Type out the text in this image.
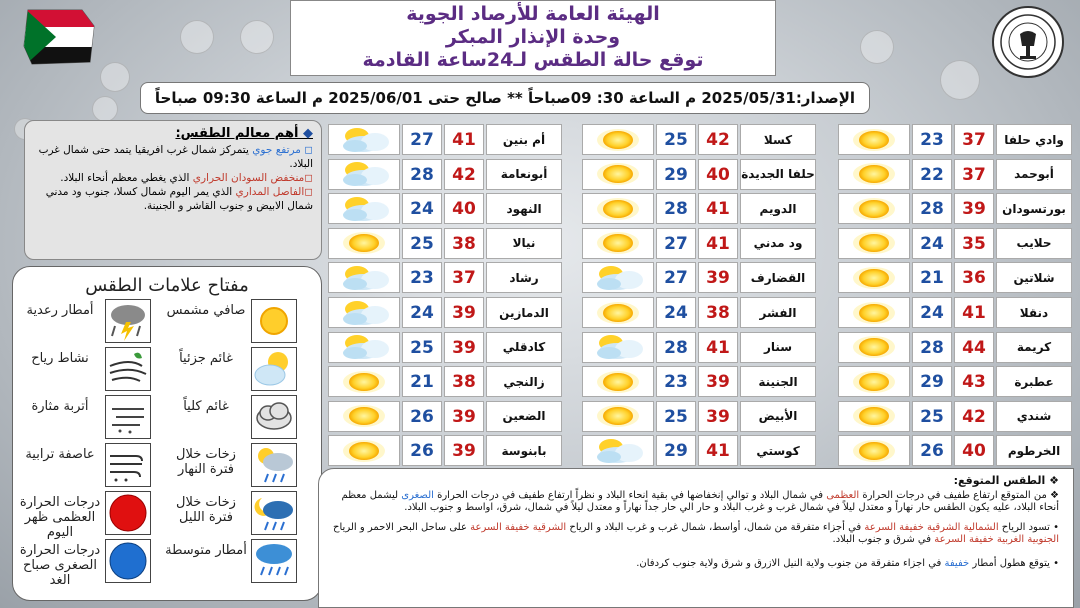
الهيئة العامة للأرصاد الجوية
وحدة الإنذار المبكر
توقع حالة الطقس لـ24ساعة القادمة
الإصدار:2025/05/31 م الساعة 30: 09صباحاً ** صالح حتى 2025/06/01 م الساعة 09:30 صباحاً
◆ أهم معالم الطقس:
◻ مرتفع جوي يتمركز شمال غرب افريقيا يتمد حتى شمال غرب البلاد.
◻منخفض السودان الحراري الذي يغطي معظم أنحاء البلاد.
◻الفاصل المداري الذي يمر اليوم شمال كسلا، جنوب ود مدني شمال الابيض و جنوب القاشر و الجنينة.
مفتاح علامات الطقس
صافي مشمس
أمطار رعدية
غائم جزئياً
نشاط رياح
غائم كلياً
أتربة مثارة
زخات خلال فترة النهار
عاصفة ترابية
زخات خلال فترة الليل
درجات الحرارة العظمى ظهر اليوم
أمطار متوسطة
درجات الحرارة الصغرى صباح الغد
23	37	وادي حلفا
22	37	أبوحمد
28	39	بورتسودان
24	35	حلايب
21	36	شلاتين
24	41	دنقلا
28	44	كريمة
29	43	عطبرة
25	42	شندي
26	40	الخرطوم
25	42	كسلا
29	40 حلفا الجديدة
28	41	الدويم
27	41	ود مدني
27	39	القضارف
24	38	الفشر
28	41	سنار
23	39	الجنينة
25	39	الأبيض
29	41	كوستي
27	41	أم بنين
28	42	أبونعامة
24	40	النهود
25	38	نيالا
23	37	رشاد
24	39	الدمازين
25	39	كادقلي
21	38	زالنجي
26	39	الضعين
26	39	بابنوسة
❖ الطقس المتوقع:

❖ من المتوقع ارتفاع طفيف في درجات الحرارة العظمى في شمال البلاد و توالي إنخفاضها في بقية انحاء البلاد و نظراً ارتفاع طفيف في درجات الحرارة الصغرى ليشمل معظم أنحاء البلاد، عليه يكون الطقس حار نهاراً و معتدل ليلاً في شمال غرب و غرب البلاد و حار الي حار جداً نهاراً و معتدل ليلاً في شمال، شرق، اواسط و جنوب البلاد.

• تسود الرياح الشمالية الشرقية خفيفة السرعة في أجزاء متفرقة من شمال، أواسط، شمال غرب و غرب البلاد و الرياح الشرقية خفيفة السرعة على ساحل البحر الاحمر و الرياح الجنوبية الغربية خفيفة السرعة في شرق و جنوب البلاد.

• يتوقع هطول أمطار خفيفة في اجزاء متفرقة من جنوب ولاية النيل الازرق و شرق ولاية جنوب كردفان.
